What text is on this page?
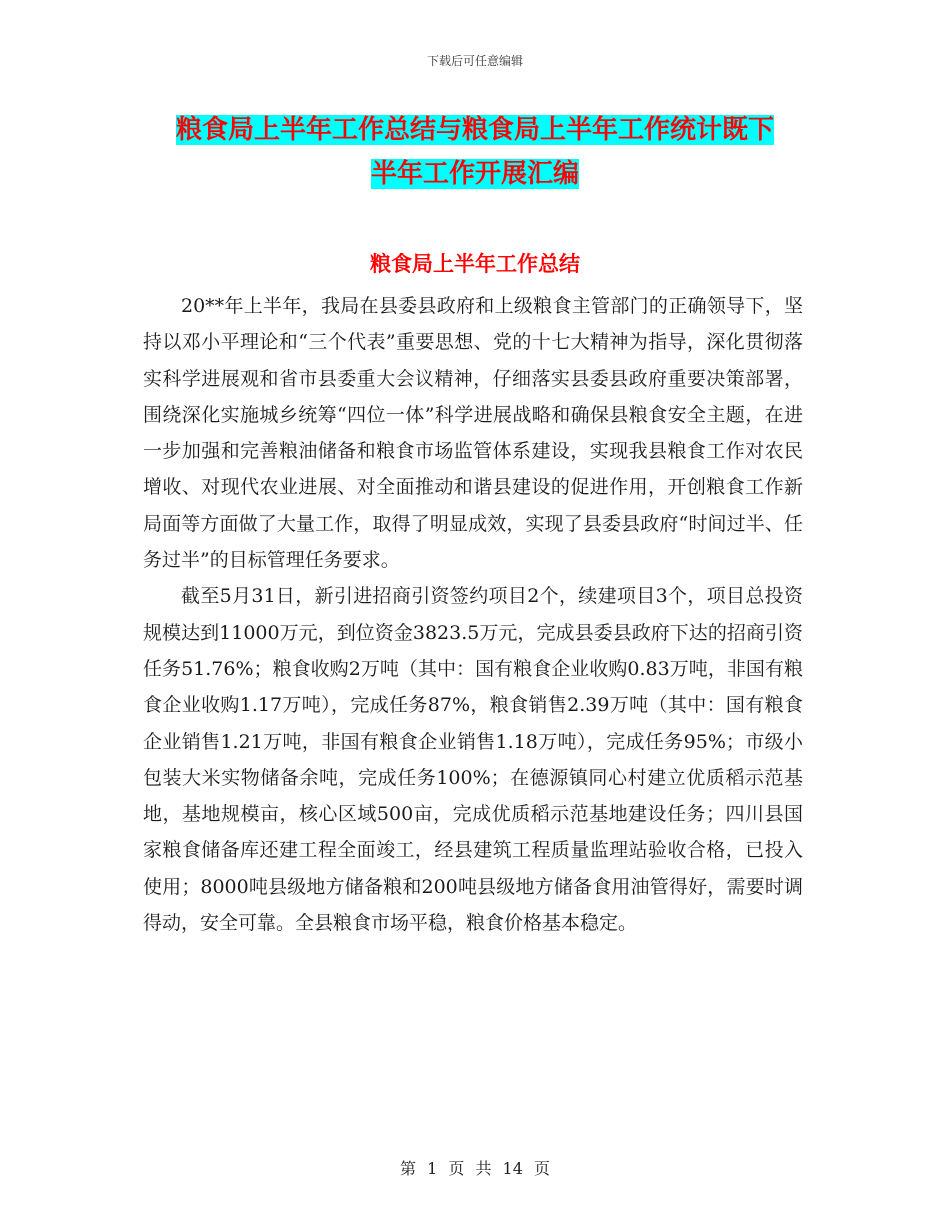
下载后可任意编辑
粮食局上半年工作总结与粮食局上半年工作统计既下
半年工作开展汇编
粮食局上半年工作总结

20**年上半年，我局在县委县政府和上级粮食主管部门的正确领导下，坚持以邓小平理论和“三个代表”重要思想、党的十七大精神为指导，深化贯彻落实科学进展观和省市县委重大会议精神，仔细落实县委县政府重要决策部署，围绕深化实施城乡统筹“四位一体”科学进展战略和确保县粮食安全主题，在进一步加强和完善粮油储备和粮食市场监管体系建设，实现我县粮食工作对农民增收、对现代农业进展、对全面推动和谐县建设的促进作用，开创粮食工作新局面等方面做了大量工作，取得了明显成效，实现了县委县政府“时间过半、任务过半”的目标管理任务要求。

截至5月31日，新引进招商引资签约项目2个，续建项目3个，项目总投资规模达到11000万元，到位资金3823.5万元，完成县委县政府下达的招商引资任务51.76%；粮食收购2万吨（其中：国有粮食企业收购0.83万吨，非国有粮食企业收购1.17万吨），完成任务87%，粮食销售2.39万吨（其中：国有粮食企业销售1.21万吨，非国有粮食企业销售1.18万吨），完成任务95%；市级小包装大米实物储备余吨，完成任务100%；在德源镇同心村建立优质稻示范基地，基地规模亩，核心区域500亩，完成优质稻示范基地建设任务；四川县国家粮食储备库还建工程全面竣工，经县建筑工程质量监理站验收合格，已投入使用；8000吨县级地方储备粮和200吨县级地方储备食用油管得好，需要时调得动，安全可靠。全县粮食市场平稳，粮食价格基本稳定。

第 1 页 共 14 页
